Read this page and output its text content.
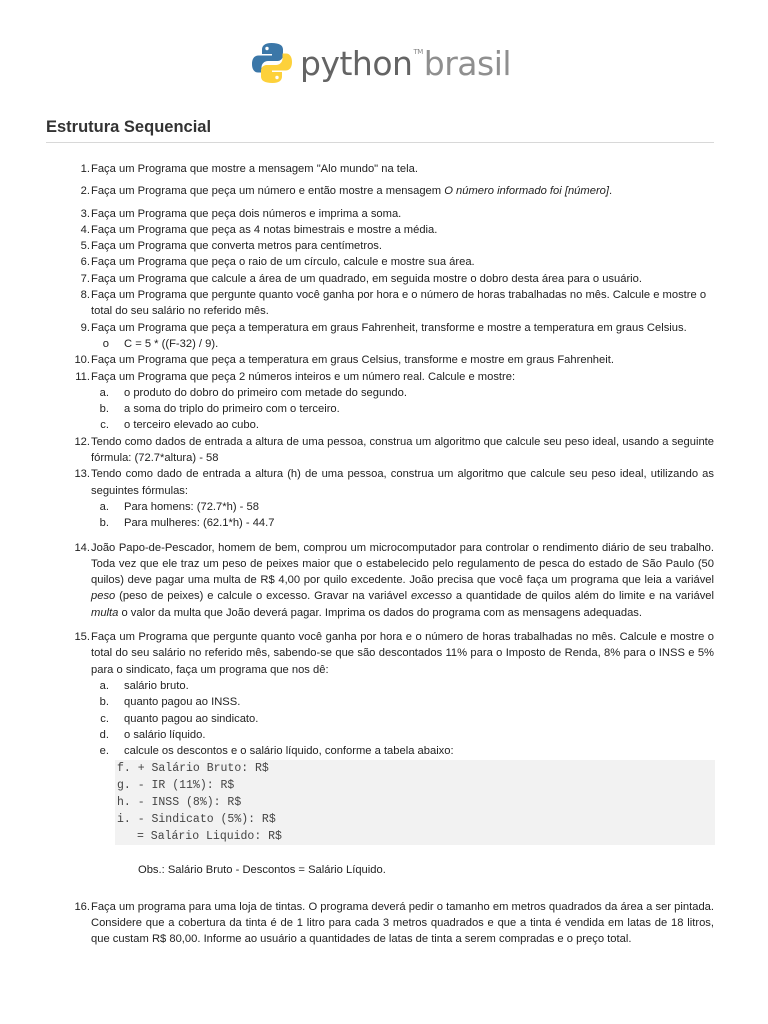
python TM brasil
Estrutura Sequencial
1. Faça um Programa que mostre a mensagem "Alo mundo" na tela.
2. Faça um Programa que peça um número e então mostre a mensagem O número informado foi [número].
3. Faça um Programa que peça dois números e imprima a soma.
4. Faça um Programa que peça as 4 notas bimestrais e mostre a média.
5. Faça um Programa que converta metros para centímetros.
6. Faça um Programa que peça o raio de um círculo, calcule e mostre sua área.
7. Faça um Programa que calcule a área de um quadrado, em seguida mostre o dobro desta área para o usuário.
8. Faça um Programa que pergunte quanto você ganha por hora e o número de horas trabalhadas no mês. Calcule e mostre o total do seu salário no referido mês.
9. Faça um Programa que peça a temperatura em graus Fahrenheit, transforme e mostre a temperatura em graus Celsius.
o	C = 5 * ((F-32) / 9).
10. Faça um Programa que peça a temperatura em graus Celsius, transforme e mostre em graus Fahrenheit.
11. Faça um Programa que peça 2 números inteiros e um número real. Calcule e mostre:
a.	o produto do dobro do primeiro com metade do segundo.
b.	a soma do triplo do primeiro com o terceiro.
c.	o terceiro elevado ao cubo.
12. Tendo como dados de entrada a altura de uma pessoa, construa um algoritmo que calcule seu peso ideal, usando a seguinte fórmula: (72.7*altura) - 58
13. Tendo como dado de entrada a altura (h) de uma pessoa, construa um algoritmo que calcule seu peso ideal, utilizando as seguintes fórmulas:
a.	Para homens: (72.7*h) - 58
b.	Para mulheres: (62.1*h) - 44.7
14. João Papo-de-Pescador, homem de bem, comprou um microcomputador para controlar o rendimento diário de seu trabalho. Toda vez que ele traz um peso de peixes maior que o estabelecido pelo regulamento de pesca do estado de São Paulo (50 quilos) deve pagar uma multa de R$ 4,00 por quilo excedente. João precisa que você faça um programa que leia a variável peso (peso de peixes) e calcule o excesso. Gravar na variável excesso a quantidade de quilos além do limite e na variável multa o valor da multa que João deverá pagar. Imprima os dados do programa com as mensagens adequadas.
15. Faça um Programa que pergunte quanto você ganha por hora e o número de horas trabalhadas no mês. Calcule e mostre o total do seu salário no referido mês, sabendo-se que são descontados 11% para o Imposto de Renda, 8% para o INSS e 5% para o sindicato, faça um programa que nos dê:
a.	salário bruto.
b.	quanto pagou ao INSS.
c.	quanto pagou ao sindicato.
d.	o salário líquido.
e.	calcule os descontos e o salário líquido, conforme a tabela abaixo:
f. + Salário Bruto: R$
g. - IR (11%): R$
h. - INSS (8%): R$
i. - Sindicato (5%): R$
= Salário Liquido: R$
Obs.: Salário Bruto - Descontos = Salário Líquido.
16. Faça um programa para uma loja de tintas. O programa deverá pedir o tamanho em metros quadrados da área a ser pintada. Considere que a cobertura da tinta é de 1 litro para cada 3 metros quadrados e que a tinta é vendida em latas de 18 litros, que custam R$ 80,00. Informe ao usuário a quantidades de latas de tinta a serem compradas e o preço total.
